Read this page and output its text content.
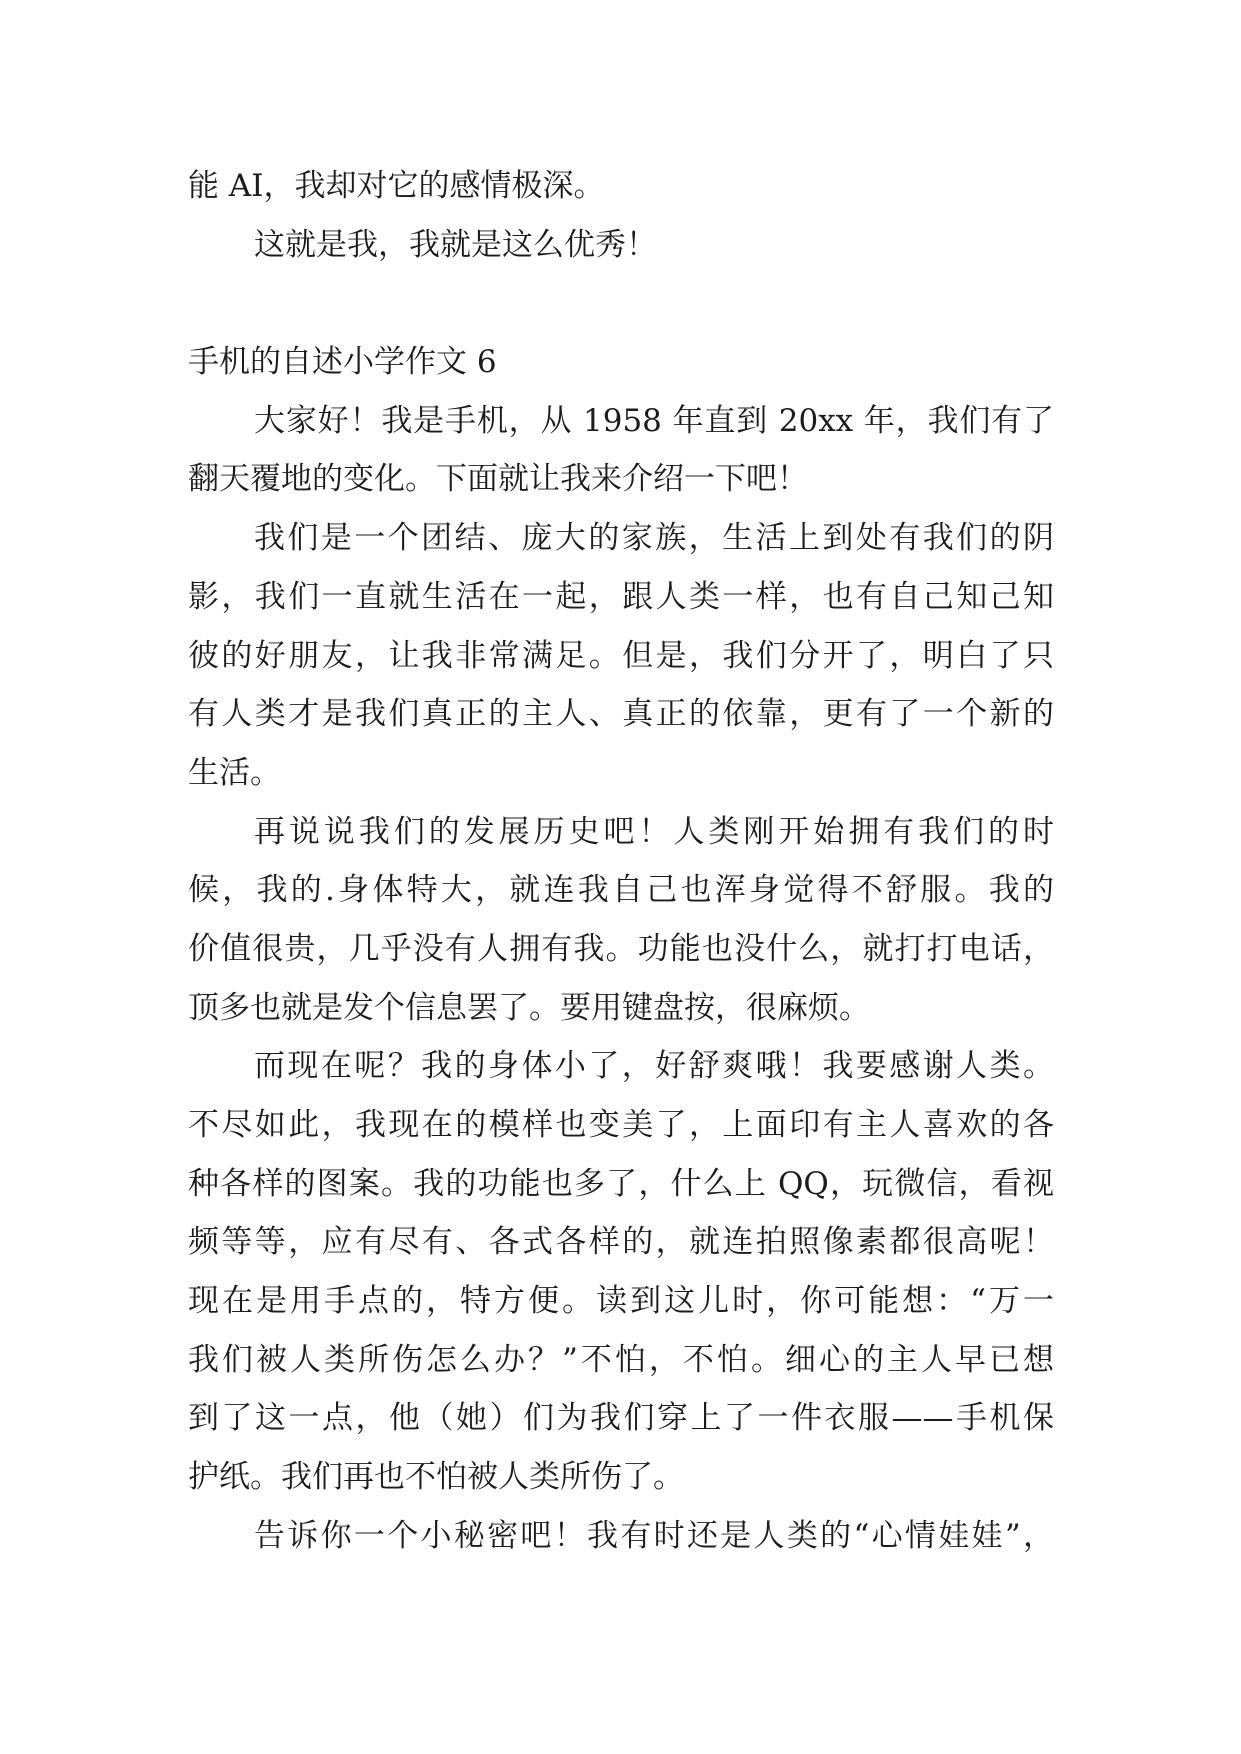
能 AI，我却对它的感情极深。
这就是我，我就是这么优秀！
手机的自述小学作文 6
大家好！我是手机，从 1958 年直到 20xx 年，我们有了
翻天覆地的变化。下面就让我来介绍一下吧！
我们是一个团结、庞大的家族，生活上到处有我们的阴
影，我们一直就生活在一起，跟人类一样，也有自己知己知
彼的好朋友，让我非常满足。但是，我们分开了，明白了只
有人类才是我们真正的主人、真正的依靠，更有了一个新的
生活。
再说说我们的发展历史吧！人类刚开始拥有我们的时
候，我的.身体特大，就连我自己也浑身觉得不舒服。我的
价值很贵，几乎没有人拥有我。功能也没什么，就打打电话，
顶多也就是发个信息罢了。要用键盘按，很麻烦。
而现在呢？我的身体小了，好舒爽哦！我要感谢人类。
不尽如此，我现在的模样也变美了，上面印有主人喜欢的各
种各样的图案。我的功能也多了，什么上 QQ，玩微信，看视
频等等，应有尽有、各式各样的，就连拍照像素都很高呢！
现在是用手点的，特方便。读到这儿时，你可能想：“万一
我们被人类所伤怎么办？”不怕，不怕。细心的主人早已想
到了这一点，他（她）们为我们穿上了一件衣服——手机保
护纸。我们再也不怕被人类所伤了。
告诉你一个小秘密吧！我有时还是人类的“心情娃娃”，
